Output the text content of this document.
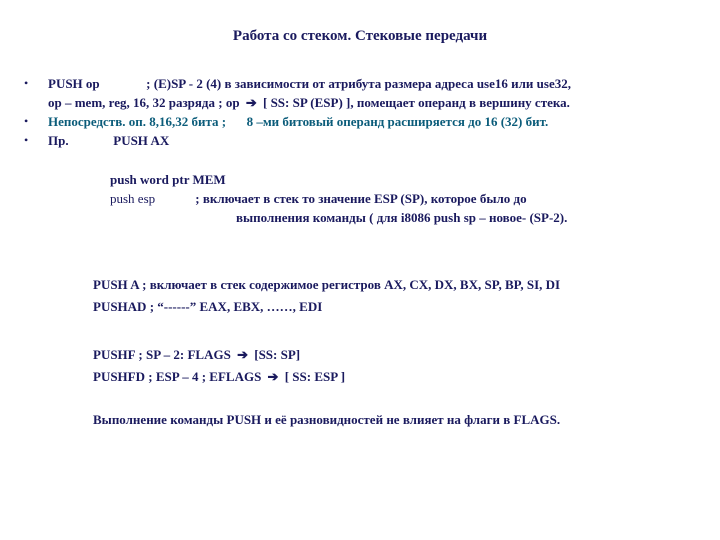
Работа со стеком. Стековые передачи
•	PUSH op	; (E)SP - 2 (4) в зависимости от атрибута размера адреса use16 или use32,
op – mem, reg, 16, 32 разряда ; op ➔ [ SS: SP (ESP) ], помещает операнд в вершину стека.
•	Непосредств. оп. 8,16,32 бита ; 8 –ми битовый операнд расширяется до 16 (32) бит.
•	Пр.	PUSH AX
push word ptr MEM
push esp	; включает в стек то значение ESP (SP), которое было до
выполнения команды ( для i8086 push sp – новое- (SP-2).
PUSH A ; включает в стек содержимое регистров AX, CX, DX, BX, SP, BP, SI, DI
PUSHAD ; “------” EAX, EBX, ……, EDI
PUSHF ; SP – 2: FLAGS ➔ [SS: SP]
PUSHFD ; ESP – 4 ; EFLAGS ➔ [ SS: ESP ]
Выполнение команды PUSH и её разновидностей не влияет на флаги в FLAGS.
